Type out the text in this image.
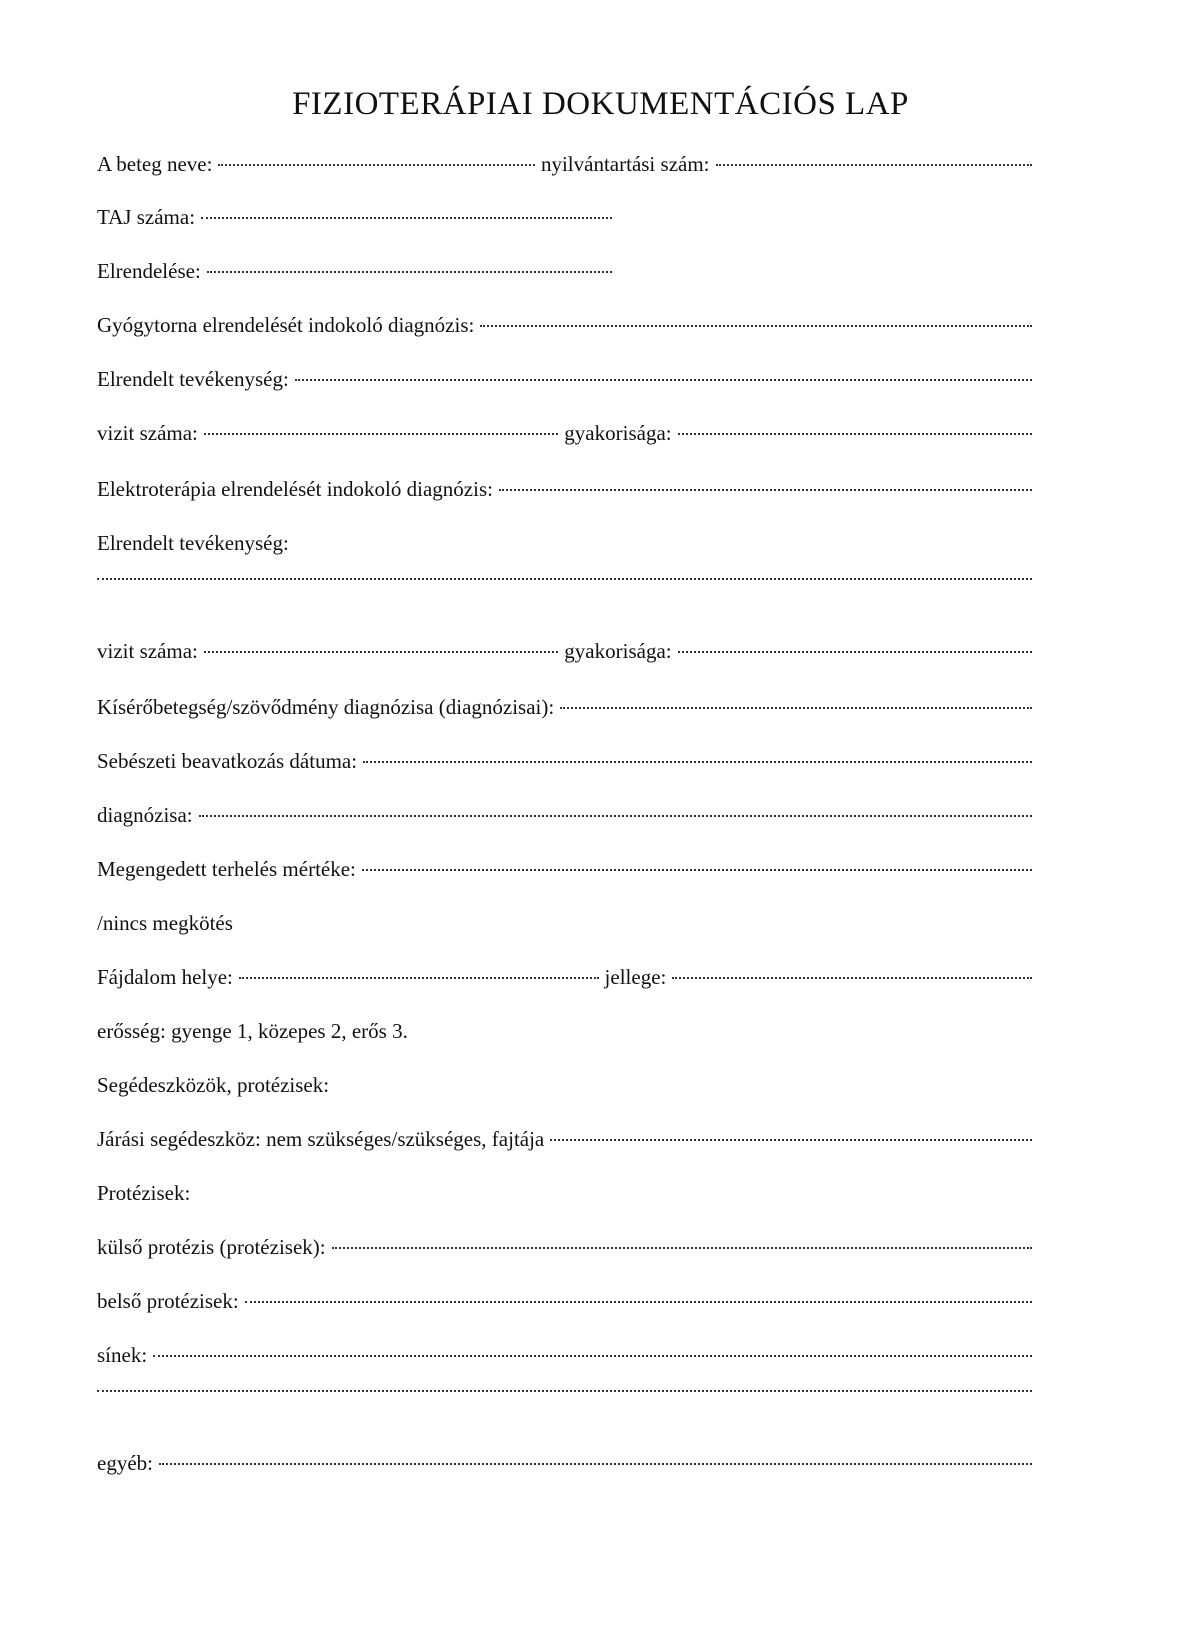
FIZIOTERÁPIAI DOKUMENTÁCIÓS LAP
A beteg neve:	nyilvántartási szám:
TAJ száma:
Elrendelése:
Gyógytorna elrendelését indokoló diagnózis:
Elrendelt tevékenység:
vizit száma:	gyakorisága:
Elektroterápia elrendelését indokoló diagnózis:
Elrendelt tevékenység:
vizit száma:	gyakorisága:
Kísérőbetegség/szövődmény diagnózisa (diagnózisai):
Sebészeti beavatkozás dátuma:
diagnózisa:
Megengedett terhelés mértéke:
/nincs megkötés
Fájdalom helye:	jellege:
erősség: gyenge 1, közepes 2, erős 3.
Segédeszközök, protézisek:
Járási segédeszköz: nem szükséges/szükséges, fajtája
Protézisek:
külső protézis (protézisek):
belső protézisek:
sínek:
egyéb:
